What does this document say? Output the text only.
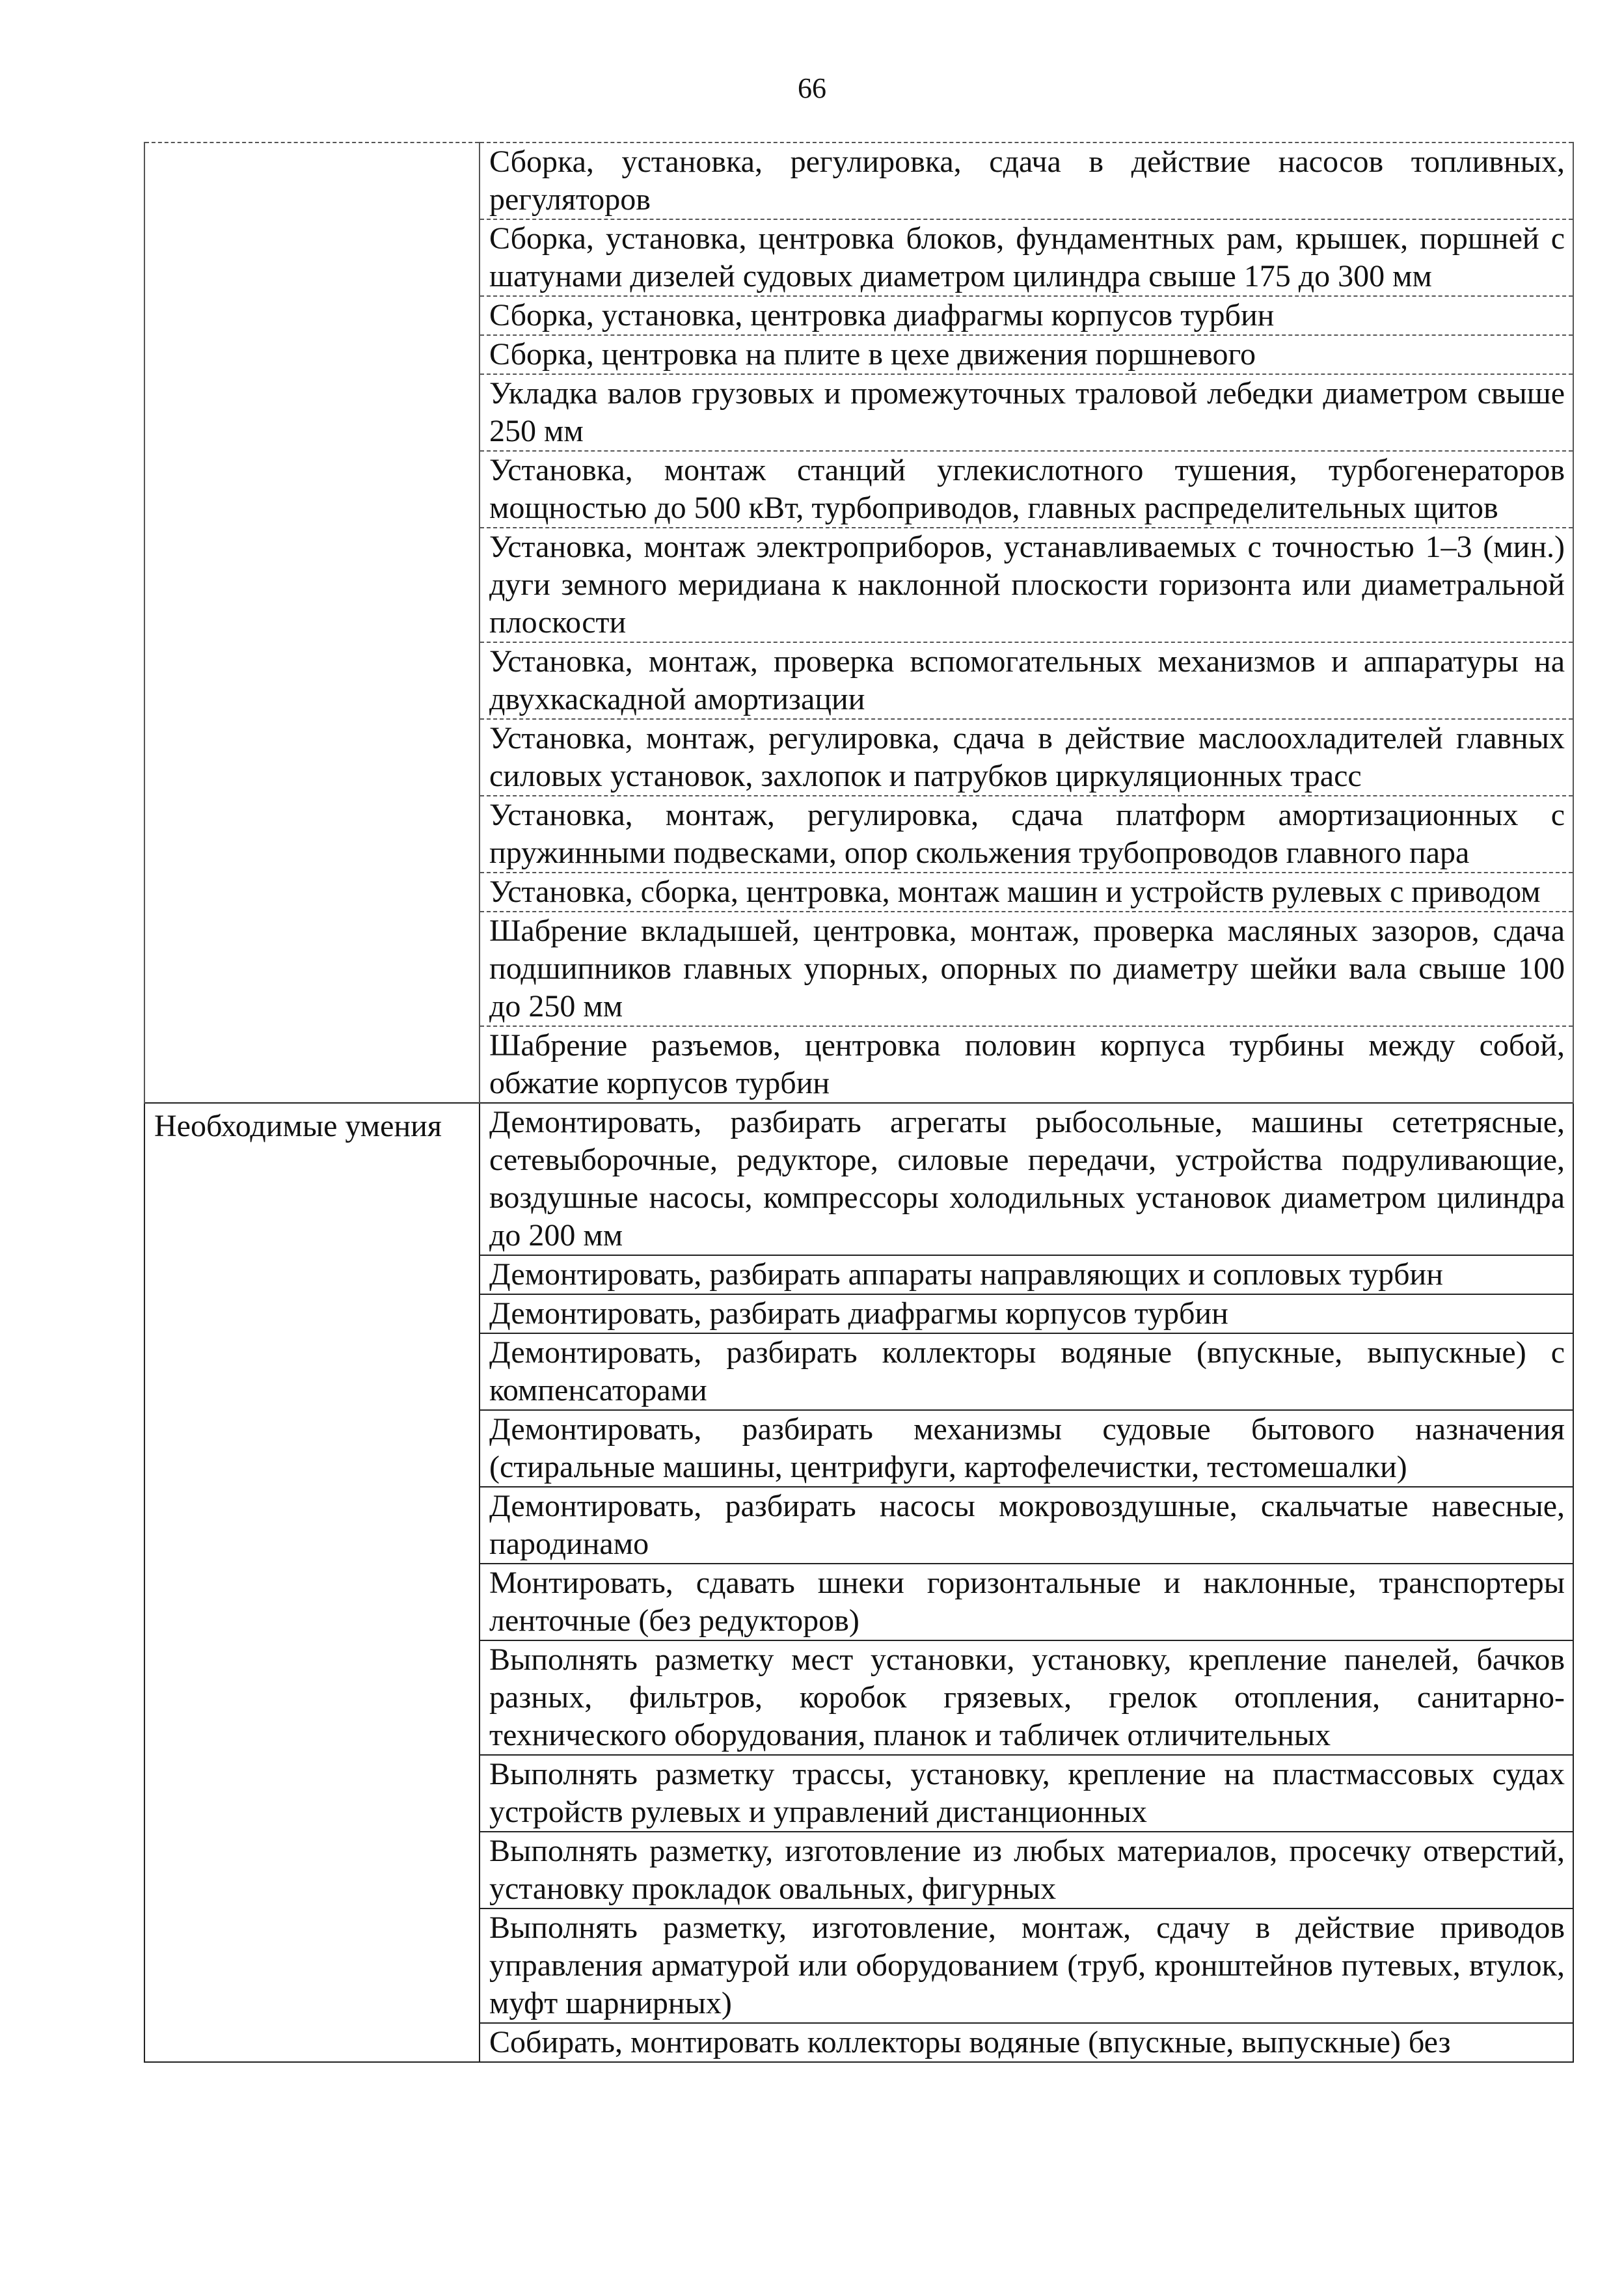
66
	Сборка, установка, регулировка, сдача в действие насосов топливных, регуляторов
	Сборка, установка, центровка блоков, фундаментных рам, крышек, поршней с шатунами дизелей судовых диаметром цилиндра свыше 175 до 300 мм
	Сборка, установка, центровка диафрагмы корпусов турбин
	Сборка, центровка на плите в цехе движения поршневого
	Укладка валов грузовых и промежуточных траловой лебедки диаметром свыше 250 мм
	Установка, монтаж станций углекислотного тушения, турбогенераторов мощностью до 500 кВт, турбоприводов, главных распределительных щитов
	Установка, монтаж электроприборов, устанавливаемых с точностью 1–3 (мин.) дуги земного меридиана к наклонной плоскости горизонта или диаметральной плоскости
	Установка, монтаж, проверка вспомогательных механизмов и аппаратуры на двухкаскадной амортизации
	Установка, монтаж, регулировка, сдача в действие маслоохладителей главных силовых установок, захлопок и патрубков циркуляционных трасс
	Установка, монтаж, регулировка, сдача платформ амортизационных с пружинными подвесками, опор скольжения трубопроводов главного пара
	Установка, сборка, центровка, монтаж машин и устройств рулевых с приводом
	Шабрение вкладышей, центровка, монтаж, проверка масляных зазоров, сдача подшипников главных упорных, опорных по диаметру шейки вала свыше 100 до 250 мм
	Шабрение разъемов, центровка половин корпуса турбины между собой, обжатие корпусов турбин
Необходимые умения	Демонтировать, разбирать агрегаты рыбосольные, машины сететрясные, сетевыборочные, редукторе, силовые передачи, устройства подруливающие, воздушные насосы, компрессоры холодильных установок диаметром цилиндра до 200 мм
	Демонтировать, разбирать аппараты направляющих и сопловых турбин
	Демонтировать, разбирать диафрагмы корпусов турбин
	Демонтировать, разбирать коллекторы водяные (впускные, выпускные) с компенсаторами
	Демонтировать, разбирать механизмы судовые бытового назначения (стиральные машины, центрифуги, картофелечистки, тестомешалки)
	Демонтировать, разбирать насосы мокровоздушные, скальчатые навесные, пародинамо
	Монтировать, сдавать шнеки горизонтальные и наклонные, транспортеры ленточные (без редукторов)
	Выполнять разметку мест установки, установку, крепление панелей, бачков разных, фильтров, коробок грязевых, грелок отопления, санитарно-технического оборудования, планок и табличек отличительных
	Выполнять разметку трассы, установку, крепление на пластмассовых судах устройств рулевых и управлений дистанционных
	Выполнять разметку, изготовление из любых материалов, просечку отверстий, установку прокладок овальных, фигурных
	Выполнять разметку, изготовление, монтаж, сдачу в действие приводов управления арматурой или оборудованием (труб, кронштейнов путевых, втулок, муфт шарнирных)
	Собирать, монтировать коллекторы водяные (впускные, выпускные) без
